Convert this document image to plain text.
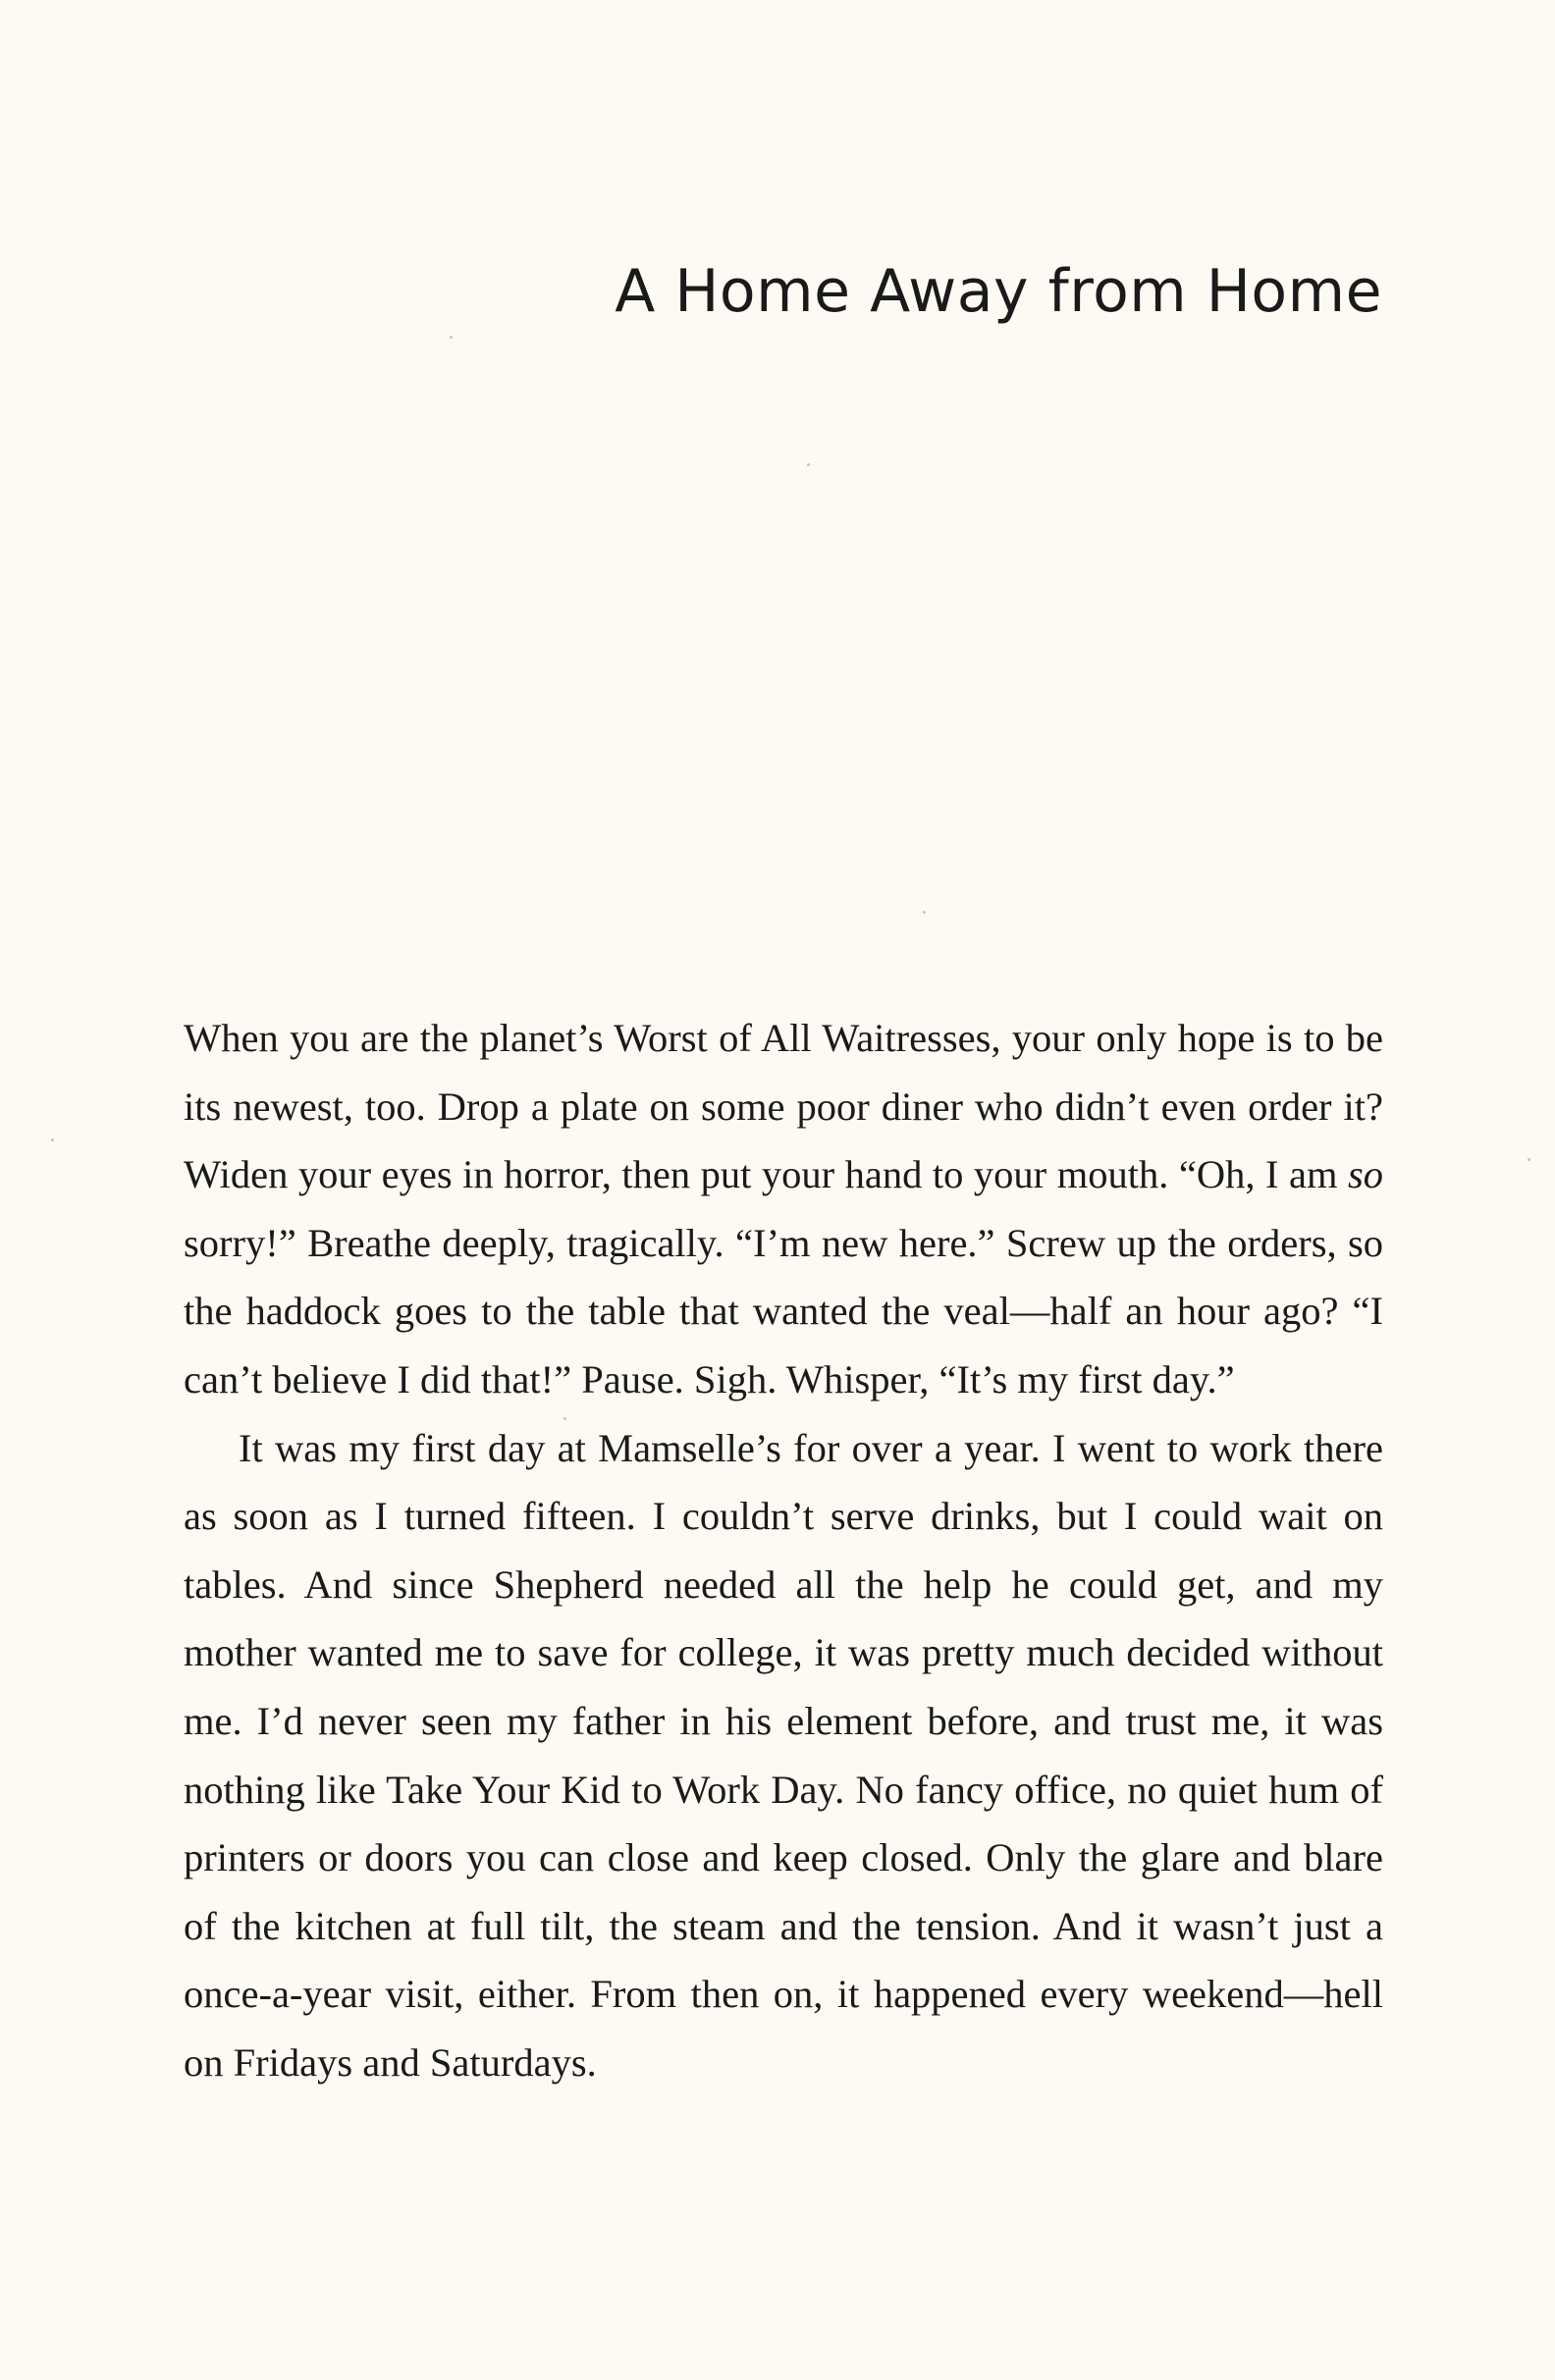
A Home Away from Home

When you are the planet’s Worst of All Waitresses, your only hope is to be its newest, too. Drop a plate on some poor diner who didn’t even order it? Widen your eyes in horror, then put your hand to your mouth. “Oh, I am so sorry!” Breathe deeply, tragically. “I’m new here.” Screw up the orders, so the haddock goes to the table that wanted the veal—half an hour ago? “I can’t believe I did that!” Pause. Sigh. Whisper, “It’s my first day.”

It was my first day at Mamselle’s for over a year. I went to work there as soon as I turned fifteen. I couldn’t serve drinks, but I could wait on tables. And since Shepherd needed all the help he could get, and my mother wanted me to save for college, it was pretty much decided without me. I’d never seen my father in his element before, and trust me, it was nothing like Take Your Kid to Work Day. No fancy office, no quiet hum of printers or doors you can close and keep closed. Only the glare and blare of the kitchen at full tilt, the steam and the tension. And it wasn’t just a once-a-year visit, either. From then on, it happened every weekend—hell on Fridays and Saturdays.
